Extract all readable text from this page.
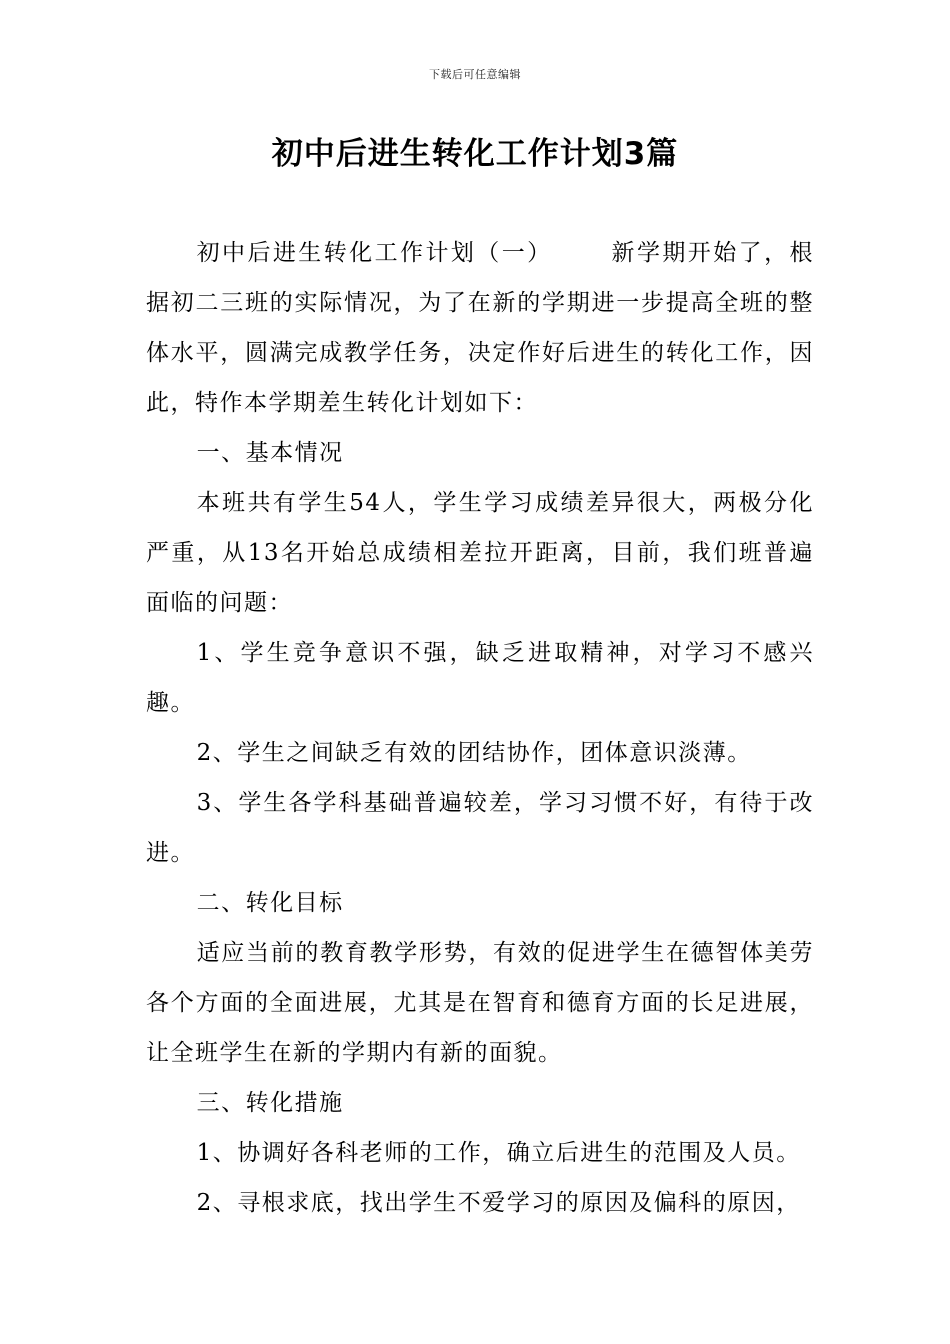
下载后可任意编辑
初中后进生转化工作计划3篇

初中后进生转化工作计划（一）	新学期开始了，根据初二三班的实际情况，为了在新的学期进一步提高全班的整体水平，圆满完成教学任务，决定作好后进生的转化工作，因此，特作本学期差生转化计划如下：

一、基本情况

本班共有学生54人，学生学习成绩差异很大，两极分化严重，从13名开始总成绩相差拉开距离，目前，我们班普遍面临的问题：

1、学生竞争意识不强，缺乏进取精神，对学习不感兴趣。

2、学生之间缺乏有效的团结协作，团体意识淡薄。

3、学生各学科基础普遍较差，学习习惯不好，有待于改进。

二、转化目标

适应当前的教育教学形势，有效的促进学生在德智体美劳各个方面的全面进展，尤其是在智育和德育方面的长足进展，让全班学生在新的学期内有新的面貌。

三、转化措施

1、协调好各科老师的工作，确立后进生的范围及人员。

2、寻根求底，找出学生不爱学习的原因及偏科的原因，
